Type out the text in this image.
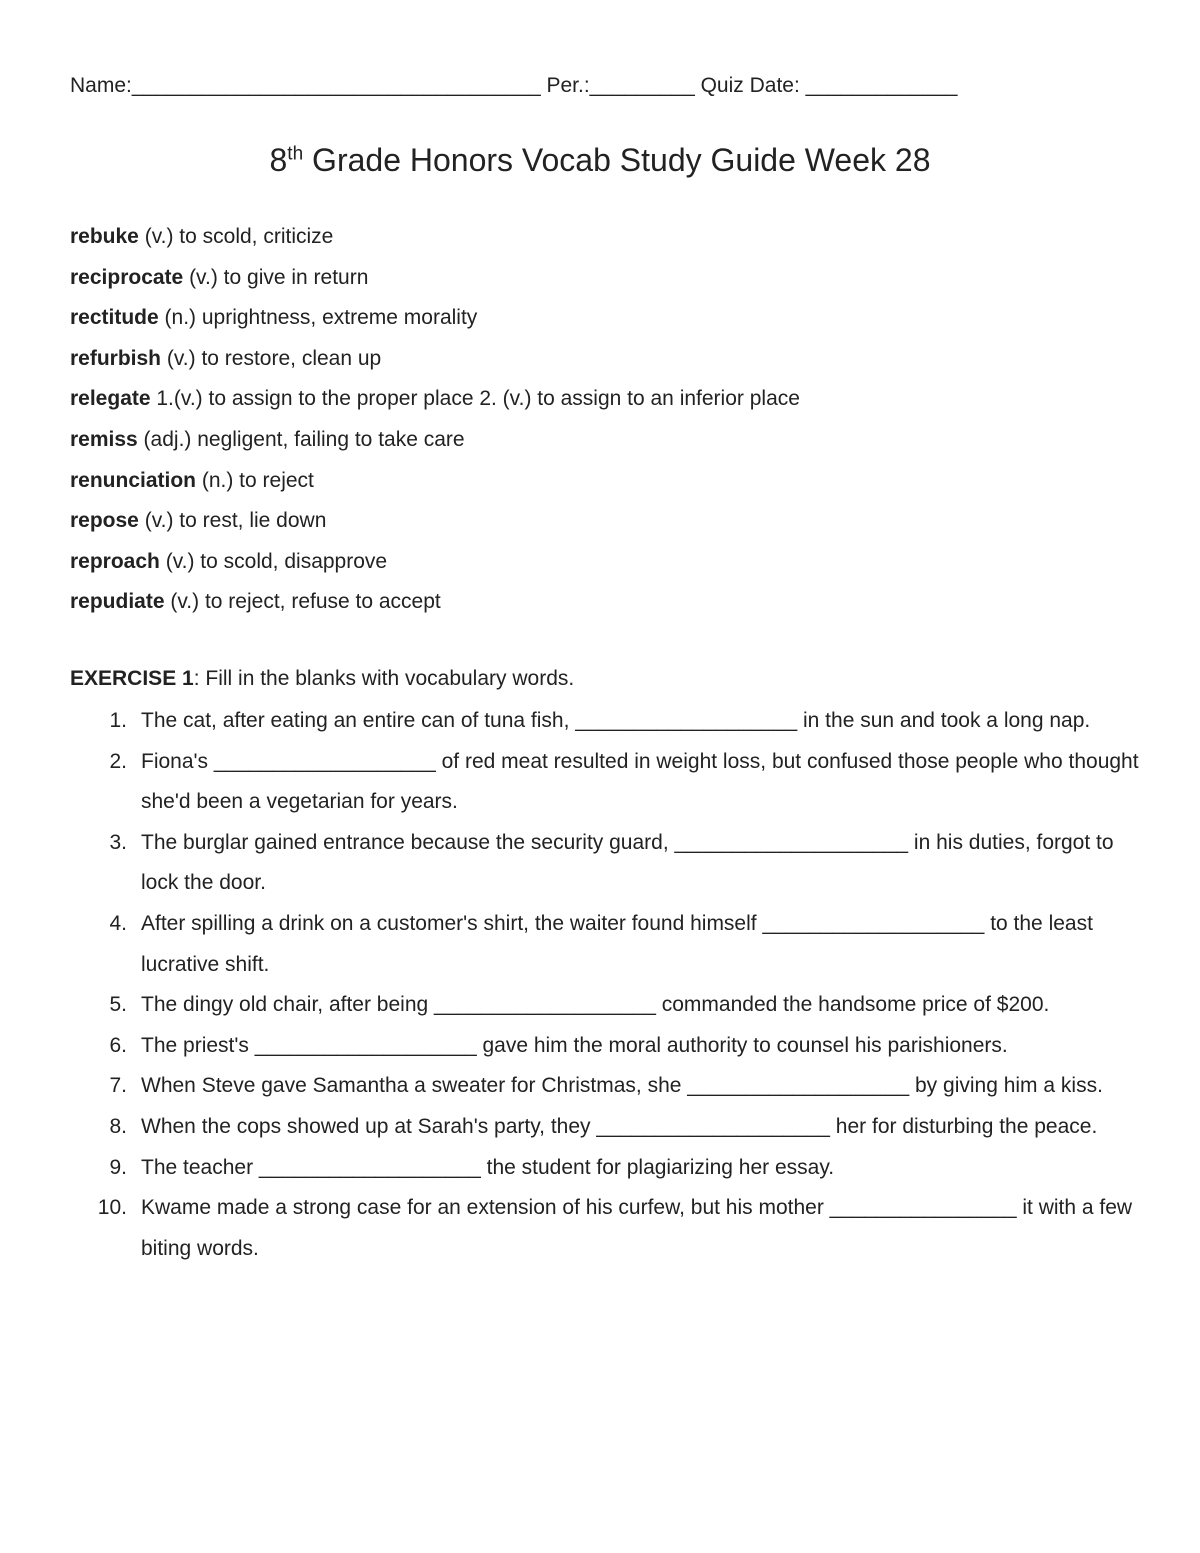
Name:___________________________________ Per.:_________ Quiz Date: _____________
8th Grade Honors Vocab Study Guide Week 28
rebuke (v.) to scold, criticize
reciprocate (v.) to give in return
rectitude (n.) uprightness, extreme morality
refurbish (v.) to restore, clean up
relegate 1.(v.) to assign to the proper place 2. (v.) to assign to an inferior place
remiss (adj.) negligent, failing to take care
renunciation (n.) to reject
repose (v.) to rest, lie down
reproach (v.) to scold, disapprove
repudiate (v.) to reject, refuse to accept
EXERCISE 1: Fill in the blanks with vocabulary words.
1. The cat, after eating an entire can of tuna fish, ___________________ in the sun and took a long nap.
2. Fiona's ___________________ of red meat resulted in weight loss, but confused those people who thought she'd been a vegetarian for years.
3. The burglar gained entrance because the security guard, ____________________ in his duties, forgot to lock the door.
4. After spilling a drink on a customer's shirt, the waiter found himself ___________________ to the least lucrative shift.
5. The dingy old chair, after being ___________________ commanded the handsome price of $200.
6. The priest's ___________________ gave him the moral authority to counsel his parishioners.
7. When Steve gave Samantha a sweater for Christmas, she ___________________ by giving him a kiss.
8. When the cops showed up at Sarah's party, they ____________________ her for disturbing the peace.
9. The teacher ___________________ the student for plagiarizing her essay.
10. Kwame made a strong case for an extension of his curfew, but his mother ________________ it with a few biting words.
